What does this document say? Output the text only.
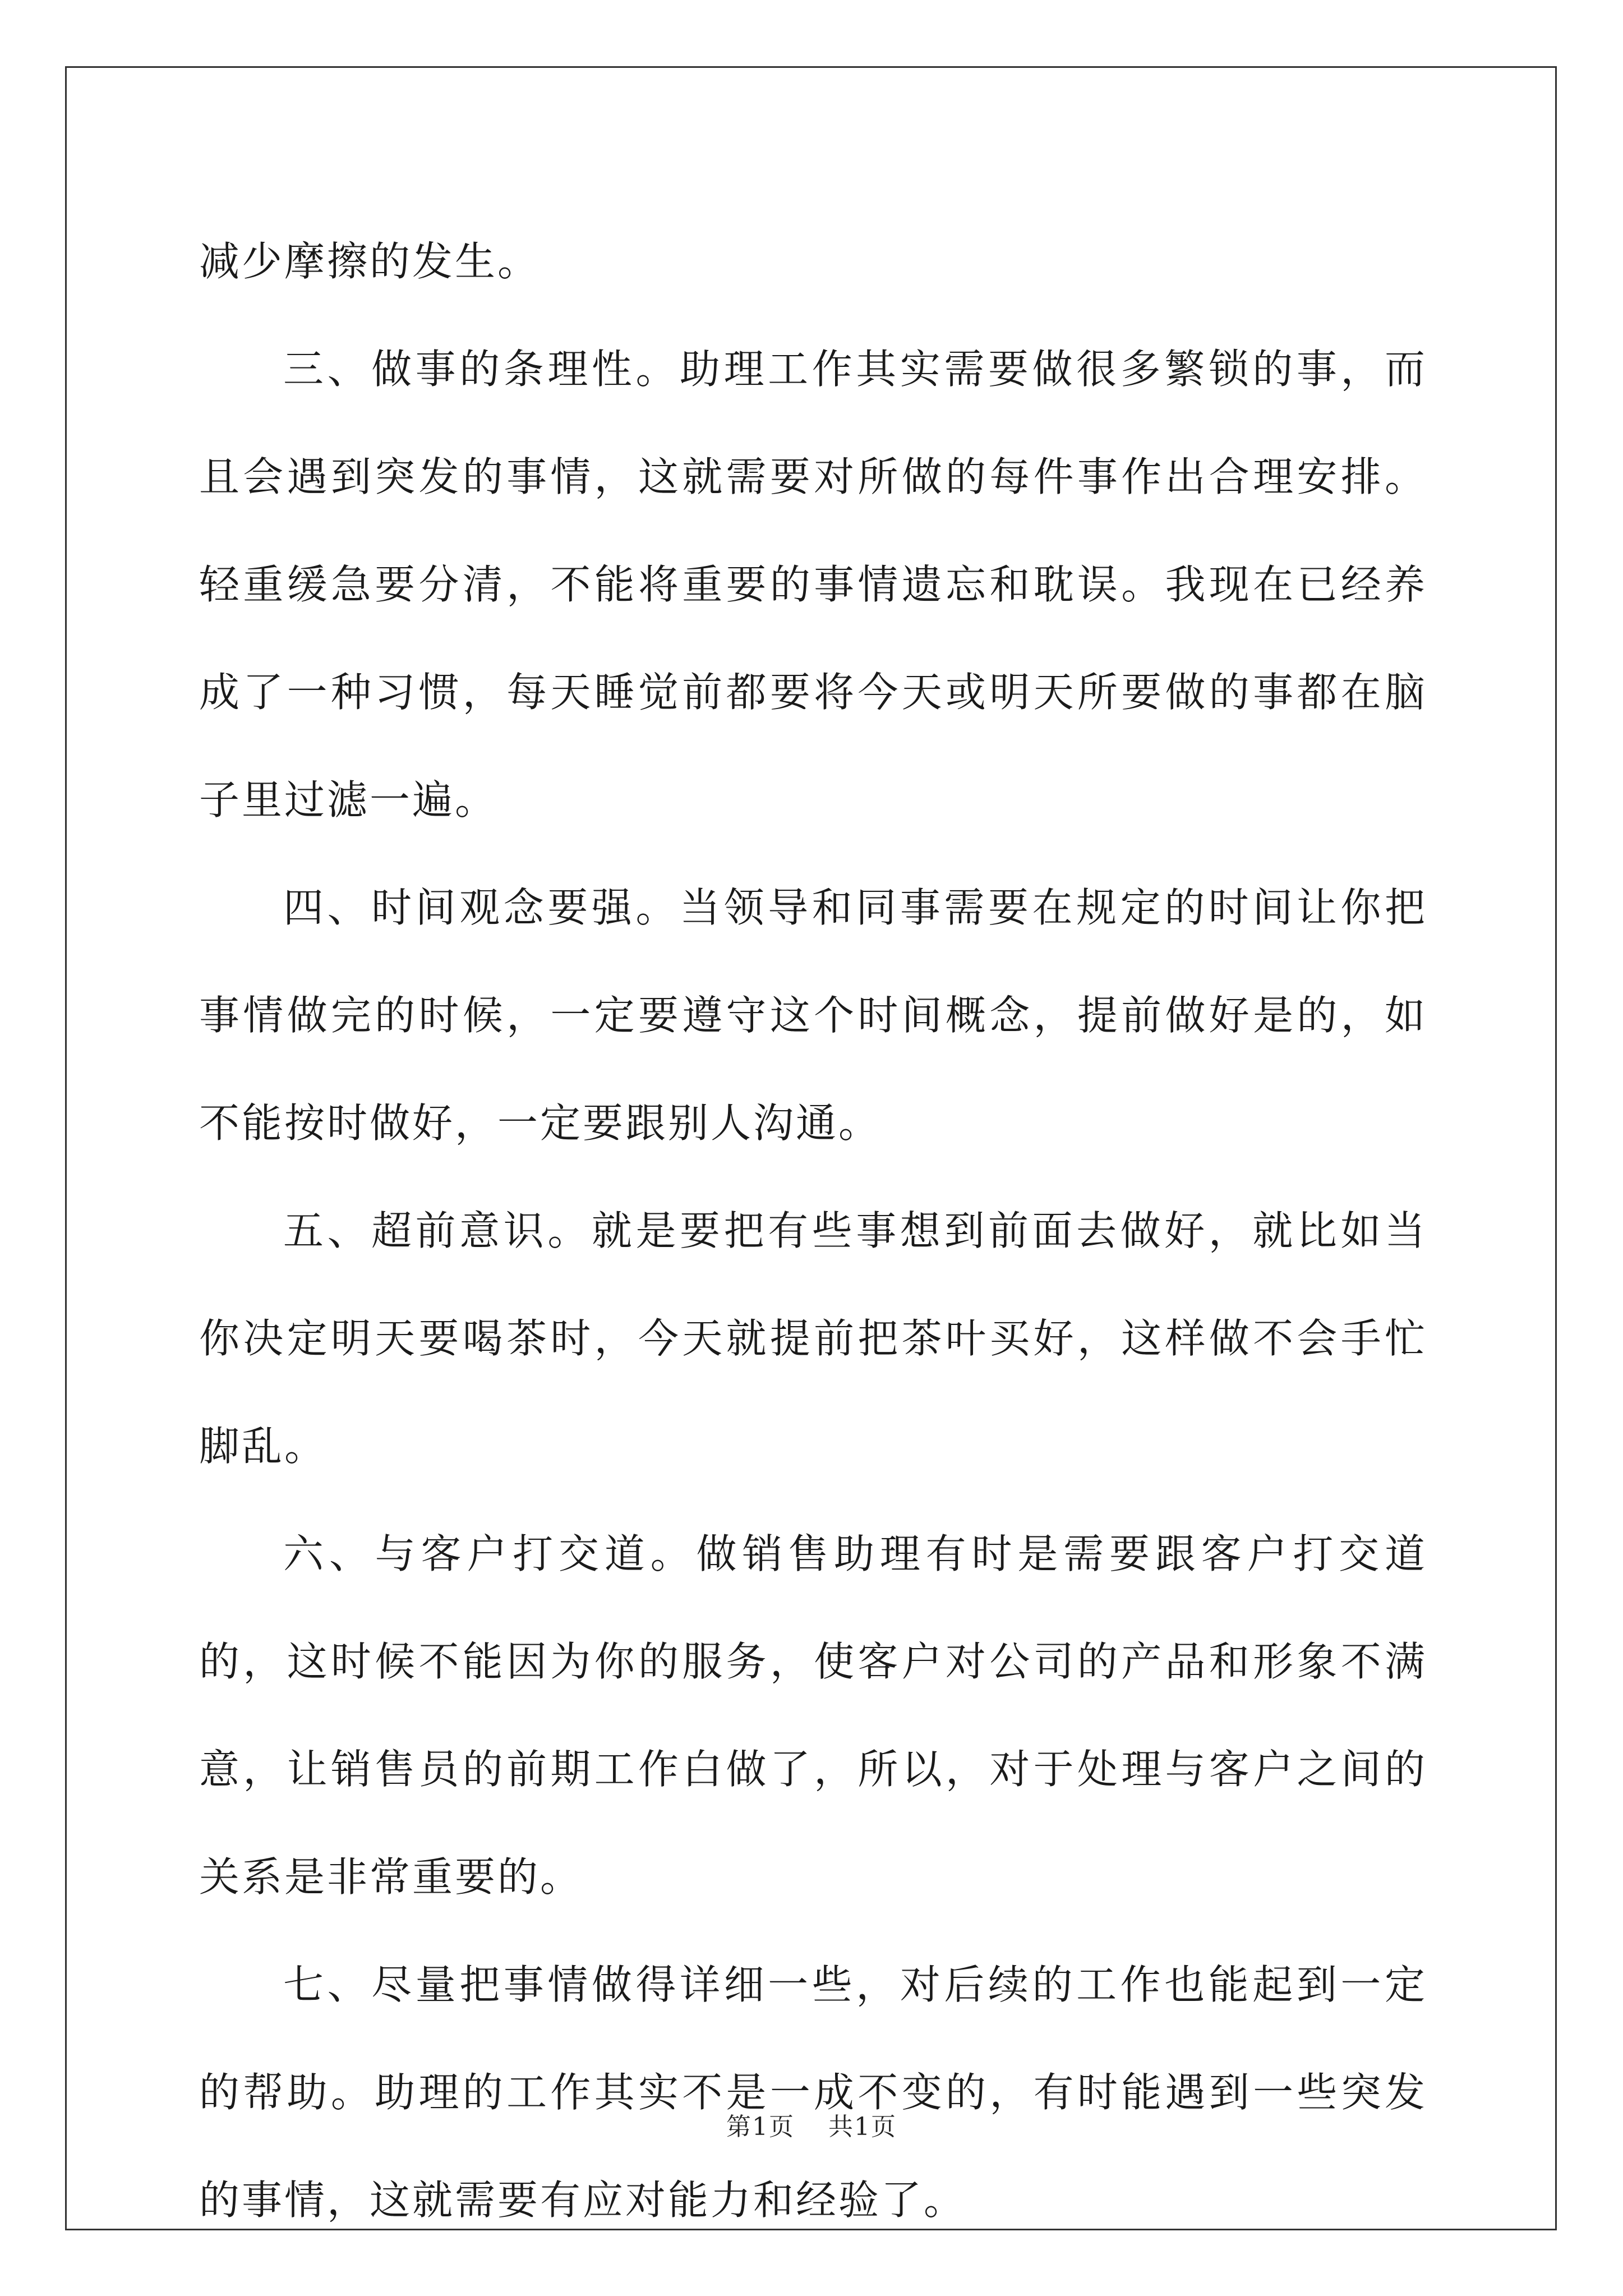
减少摩擦的发生。

三、做事的条理性。助理工作其实需要做很多繁锁的事，而且会遇到突发的事情，这就需要对所做的每件事作出合理安排。轻重缓急要分清，不能将重要的事情遗忘和耽误。我现在已经养成了一种习惯，每天睡觉前都要将今天或明天所要做的事都在脑子里过滤一遍。

四、时间观念要强。当领导和同事需要在规定的时间让你把事情做完的时候，一定要遵守这个时间概念，提前做好是的，如不能按时做好，一定要跟别人沟通。

五、超前意识。就是要把有些事想到前面去做好，就比如当你决定明天要喝茶时，今天就提前把茶叶买好，这样做不会手忙脚乱。

六、与客户打交道。做销售助理有时是需要跟客户打交道的，这时候不能因为你的服务，使客户对公司的产品和形象不满意，让销售员的前期工作白做了，所以，对于处理与客户之间的关系是非常重要的。

七、尽量把事情做得详细一些，对后续的工作也能起到一定的帮助。助理的工作其实不是一成不变的，有时能遇到一些突发的事情，这就需要有应对能力和经验了。

第1页 共1页
